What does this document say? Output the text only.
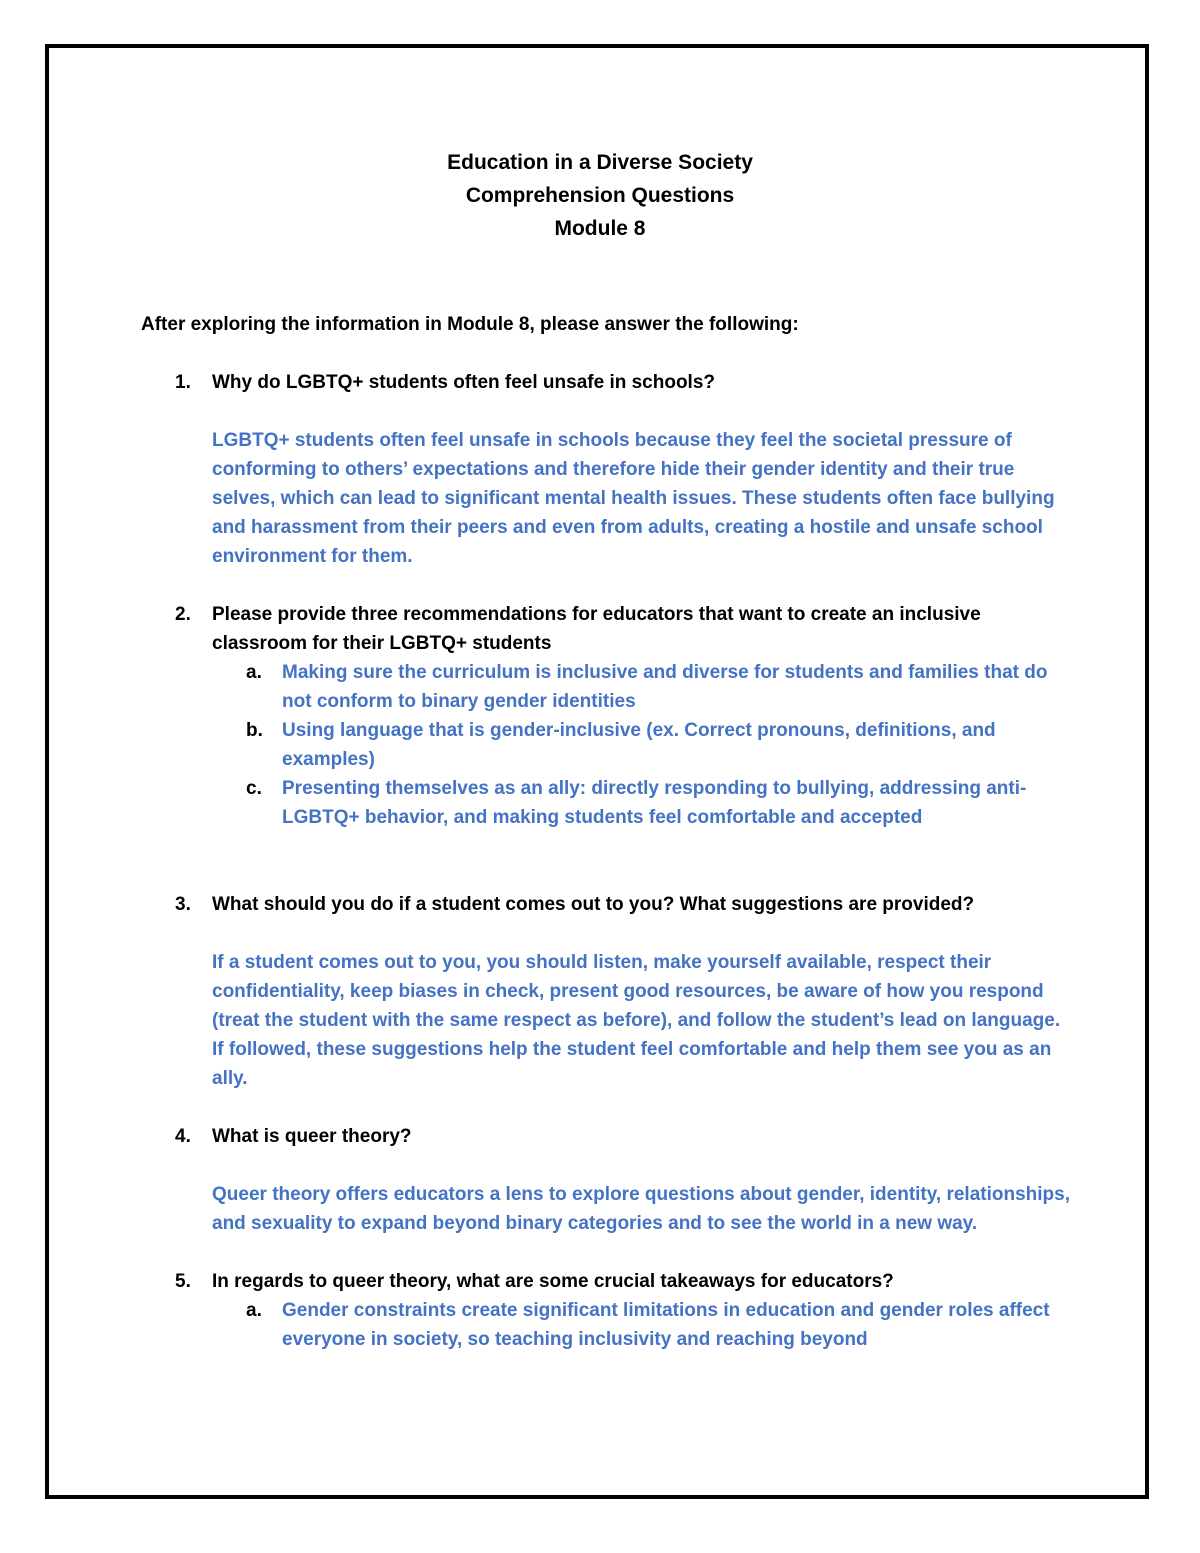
Education in a Diverse Society
Comprehension Questions
Module 8
After exploring the information in Module 8, please answer the following:
1. Why do LGBTQ+ students often feel unsafe in schools?
LGBTQ+ students often feel unsafe in schools because they feel the societal pressure of conforming to others’ expectations and therefore hide their gender identity and their true selves, which can lead to significant mental health issues. These students often face bullying and harassment from their peers and even from adults, creating a hostile and unsafe school environment for them.
2. Please provide three recommendations for educators that want to create an inclusive classroom for their LGBTQ+ students
a. Making sure the curriculum is inclusive and diverse for students and families that do not conform to binary gender identities
b. Using language that is gender-inclusive (ex. Correct pronouns, definitions, and examples)
c. Presenting themselves as an ally: directly responding to bullying, addressing anti-LGBTQ+ behavior, and making students feel comfortable and accepted
3. What should you do if a student comes out to you? What suggestions are provided?
If a student comes out to you, you should listen, make yourself available, respect their confidentiality, keep biases in check, present good resources, be aware of how you respond (treat the student with the same respect as before), and follow the student’s lead on language. If followed, these suggestions help the student feel comfortable and help them see you as an ally.
4. What is queer theory?
Queer theory offers educators a lens to explore questions about gender, identity, relationships, and sexuality to expand beyond binary categories and to see the world in a new way.
5. In regards to queer theory, what are some crucial takeaways for educators?
a. Gender constraints create significant limitations in education and gender roles affect everyone in society, so teaching inclusivity and reaching beyond
